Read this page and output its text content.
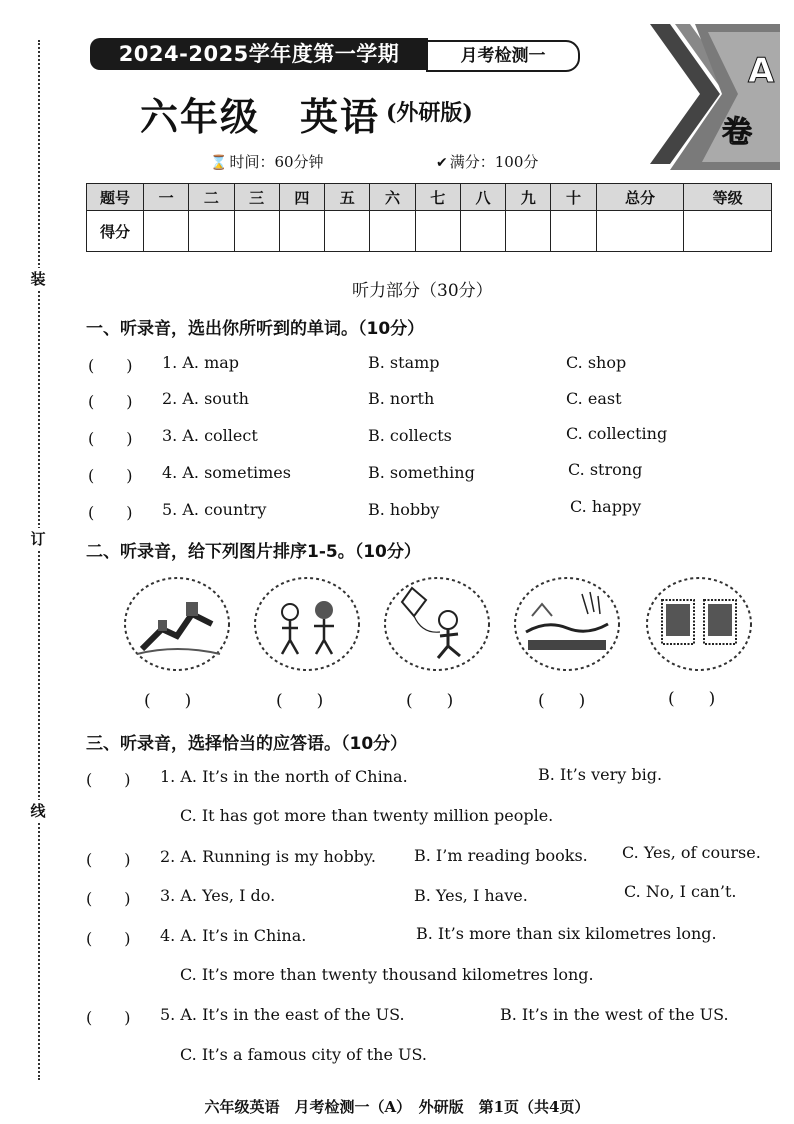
装
订
线
2024-2025学年度第一学期	月考检测一	A
卷
六年级 英语 (外研版)
⌛ 时间：60分钟	✔ 满分：100分
题号	一	二	三	四	五	六	七	八	九	十	总分	等级
得分												
听力部分（30分）
一、听录音，选出你所听到的单词。（10分）
(　　) 1. A. map	B. stamp	C. shop
(　　) 2. A. south	B. north	C. east
(　　) 3. A. collect	B. collects	C. collecting
(　　) 4. A. sometimes	B. something	C. strong
(　　) 5. A. country	B. hobby	C. happy
二、听录音，给下列图片排序1-5。（10分）
(　　)	(　　)	(　　)	(　　)	(　　)
三、听录音，选择恰当的应答语。（10分）
(　　) 1. A. It’s in the north of China.	B. It’s very big.
C. It has got more than twenty million people.
(　　) 2. A. Running is my hobby. B. I’m reading books. C. Yes, of course.
(　　) 3. A. Yes, I do.	B. Yes, I have.	C. No, I can’t.
(　　) 4. A. It’s in China.	B. It’s more than six kilometres long.
C. It’s more than twenty thousand kilometres long.
(　　) 5. A. It’s in the east of the US.	B. It’s in the west of the US.
C. It’s a famous city of the US.
六年级英语　月考检测一（A）　外研版　第1页（共4页）
